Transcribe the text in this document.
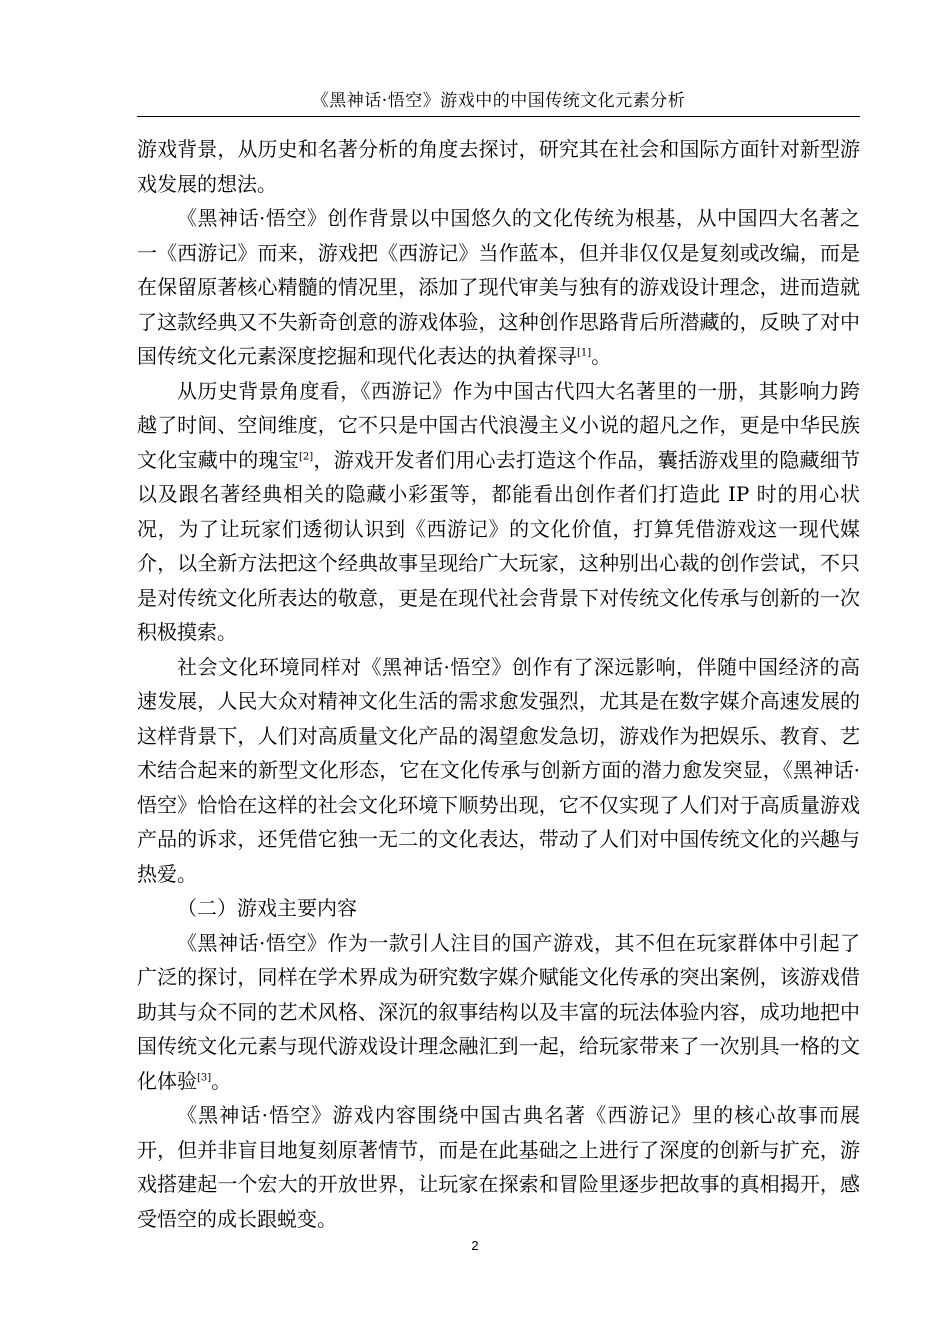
《黑神话·悟空》游戏中的中国传统文化元素分析

游戏背景，从历史和名著分析的角度去探讨，研究其在社会和国际方面针对新型游戏发展的想法。

《黑神话·悟空》创作背景以中国悠久的文化传统为根基，从中国四大名著之一《西游记》而来，游戏把《西游记》当作蓝本，但并非仅仅是复刻或改编，而是在保留原著核心精髓的情况里，添加了现代审美与独有的游戏设计理念，进而造就了这款经典又不失新奇创意的游戏体验，这种创作思路背后所潜藏的，反映了对中国传统文化元素深度挖掘和现代化表达的执着探寻[1]。

从历史背景角度看，《西游记》作为中国古代四大名著里的一册，其影响力跨越了时间、空间维度，它不只是中国古代浪漫主义小说的超凡之作，更是中华民族文化宝藏中的瑰宝[2]，游戏开发者们用心去打造这个作品，囊括游戏里的隐藏细节以及跟名著经典相关的隐藏小彩蛋等，都能看出创作者们打造此 IP 时的用心状况，为了让玩家们透彻认识到《西游记》的文化价值，打算凭借游戏这一现代媒介，以全新方法把这个经典故事呈现给广大玩家，这种别出心裁的创作尝试，不只是对传统文化所表达的敬意，更是在现代社会背景下对传统文化传承与创新的一次积极摸索。

社会文化环境同样对《黑神话·悟空》创作有了深远影响，伴随中国经济的高速发展，人民大众对精神文化生活的需求愈发强烈，尤其是在数字媒介高速发展的这样背景下，人们对高质量文化产品的渴望愈发急切，游戏作为把娱乐、教育、艺术结合起来的新型文化形态，它在文化传承与创新方面的潜力愈发突显，《黑神话·悟空》恰恰在这样的社会文化环境下顺势出现，它不仅实现了人们对于高质量游戏产品的诉求，还凭借它独一无二的文化表达，带动了人们对中国传统文化的兴趣与热爱。

（二）游戏主要内容

《黑神话·悟空》作为一款引人注目的国产游戏，其不但在玩家群体中引起了广泛的探讨，同样在学术界成为研究数字媒介赋能文化传承的突出案例，该游戏借助其与众不同的艺术风格、深沉的叙事结构以及丰富的玩法体验内容，成功地把中国传统文化元素与现代游戏设计理念融汇到一起，给玩家带来了一次别具一格的文化体验[3]。

《黑神话·悟空》游戏内容围绕中国古典名著《西游记》里的核心故事而展开，但并非盲目地复刻原著情节，而是在此基础之上进行了深度的创新与扩充，游戏搭建起一个宏大的开放世界，让玩家在探索和冒险里逐步把故事的真相揭开，感受悟空的成长跟蜕变。

2
